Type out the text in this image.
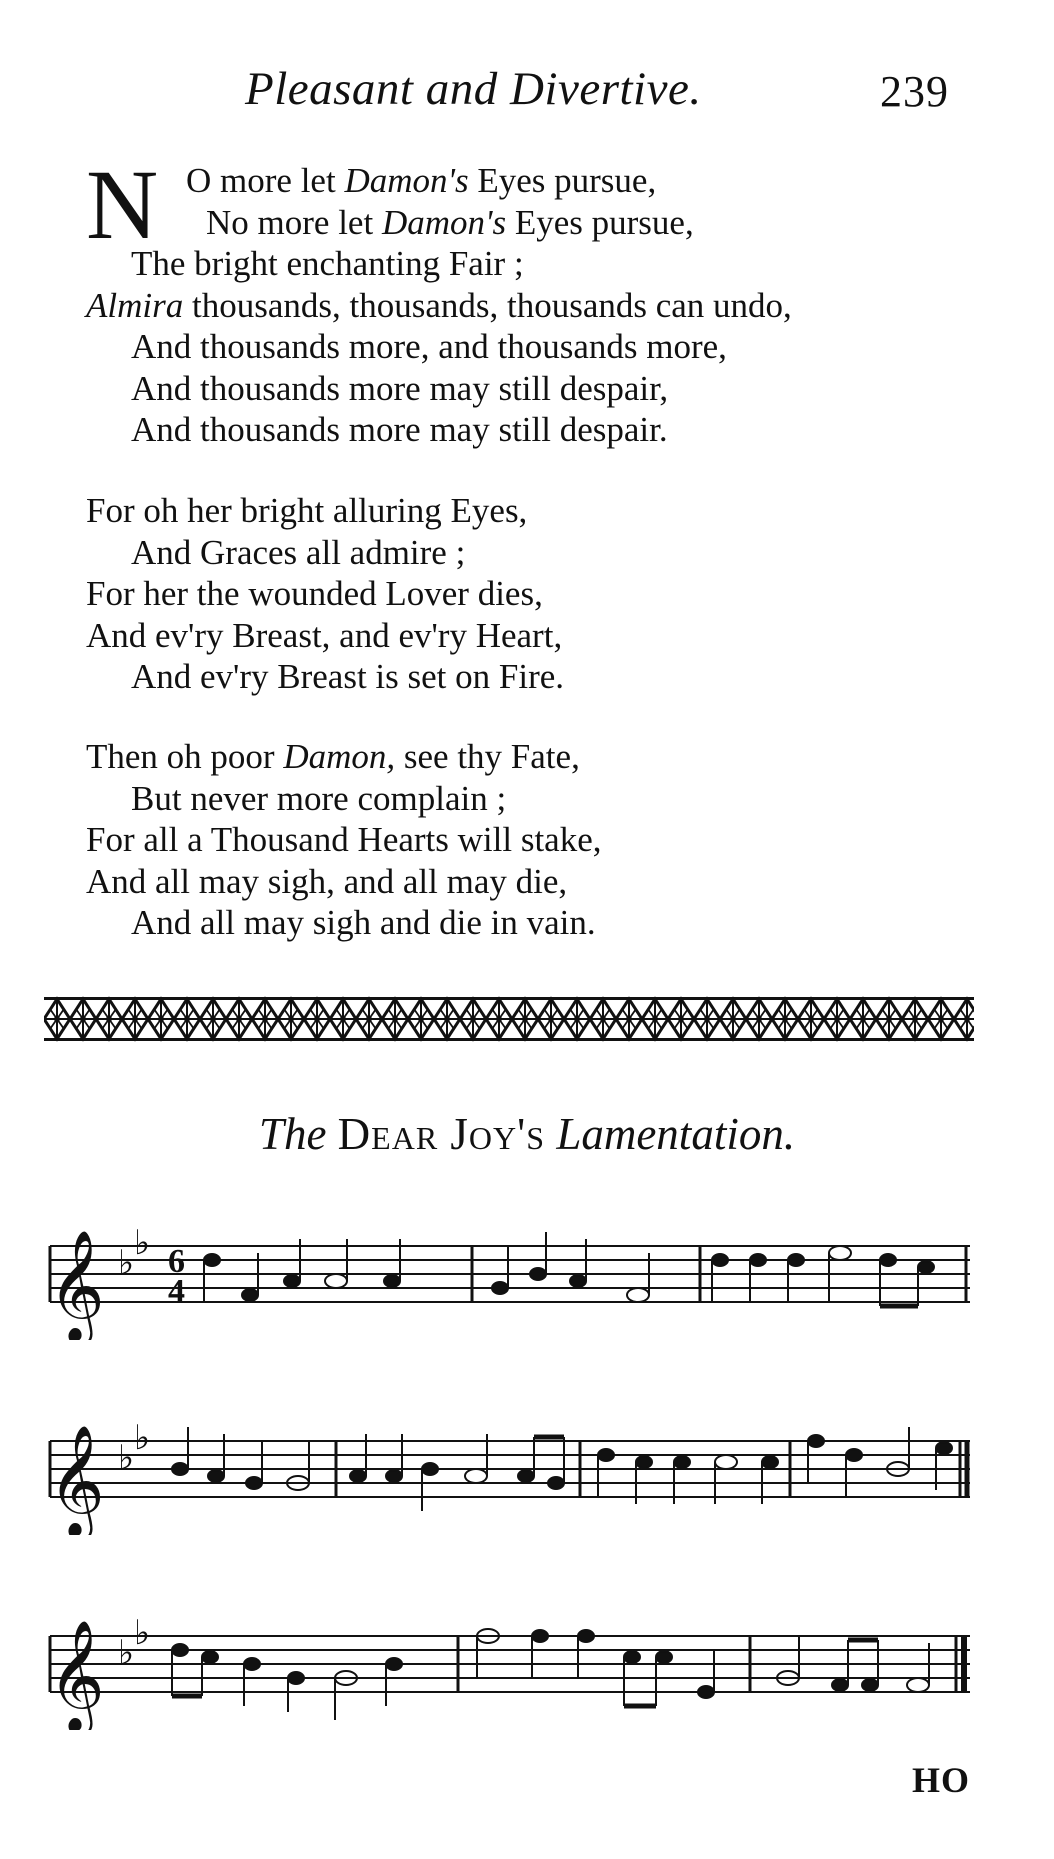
Pleasant and Divertive.	239
N O more let Damon's Eyes pursue,
No more let Damon's Eyes pursue,
The bright enchanting Fair ;
Almira thousands, thousands, thousands can undo,
And thousands more, and thousands more,
And thousands more may still despair,
And thousands more may still despair.
For oh her bright alluring Eyes,
And Graces all admire ;
For her the wounded Lover dies,
And ev'ry Breast, and ev'ry Heart,
And ev'ry Breast is set on Fire.
Then oh poor Damon, see thy Fate,
But never more complain ;
For all a Thousand Hearts will stake,
And all may sigh, and all may die,
And all may sigh and die in vain.
The Dear Joy's Lamentation.
𝄞 ♭
♭ 6
4
𝄞 ♭
♭
𝄞 ♭
♭
HO
